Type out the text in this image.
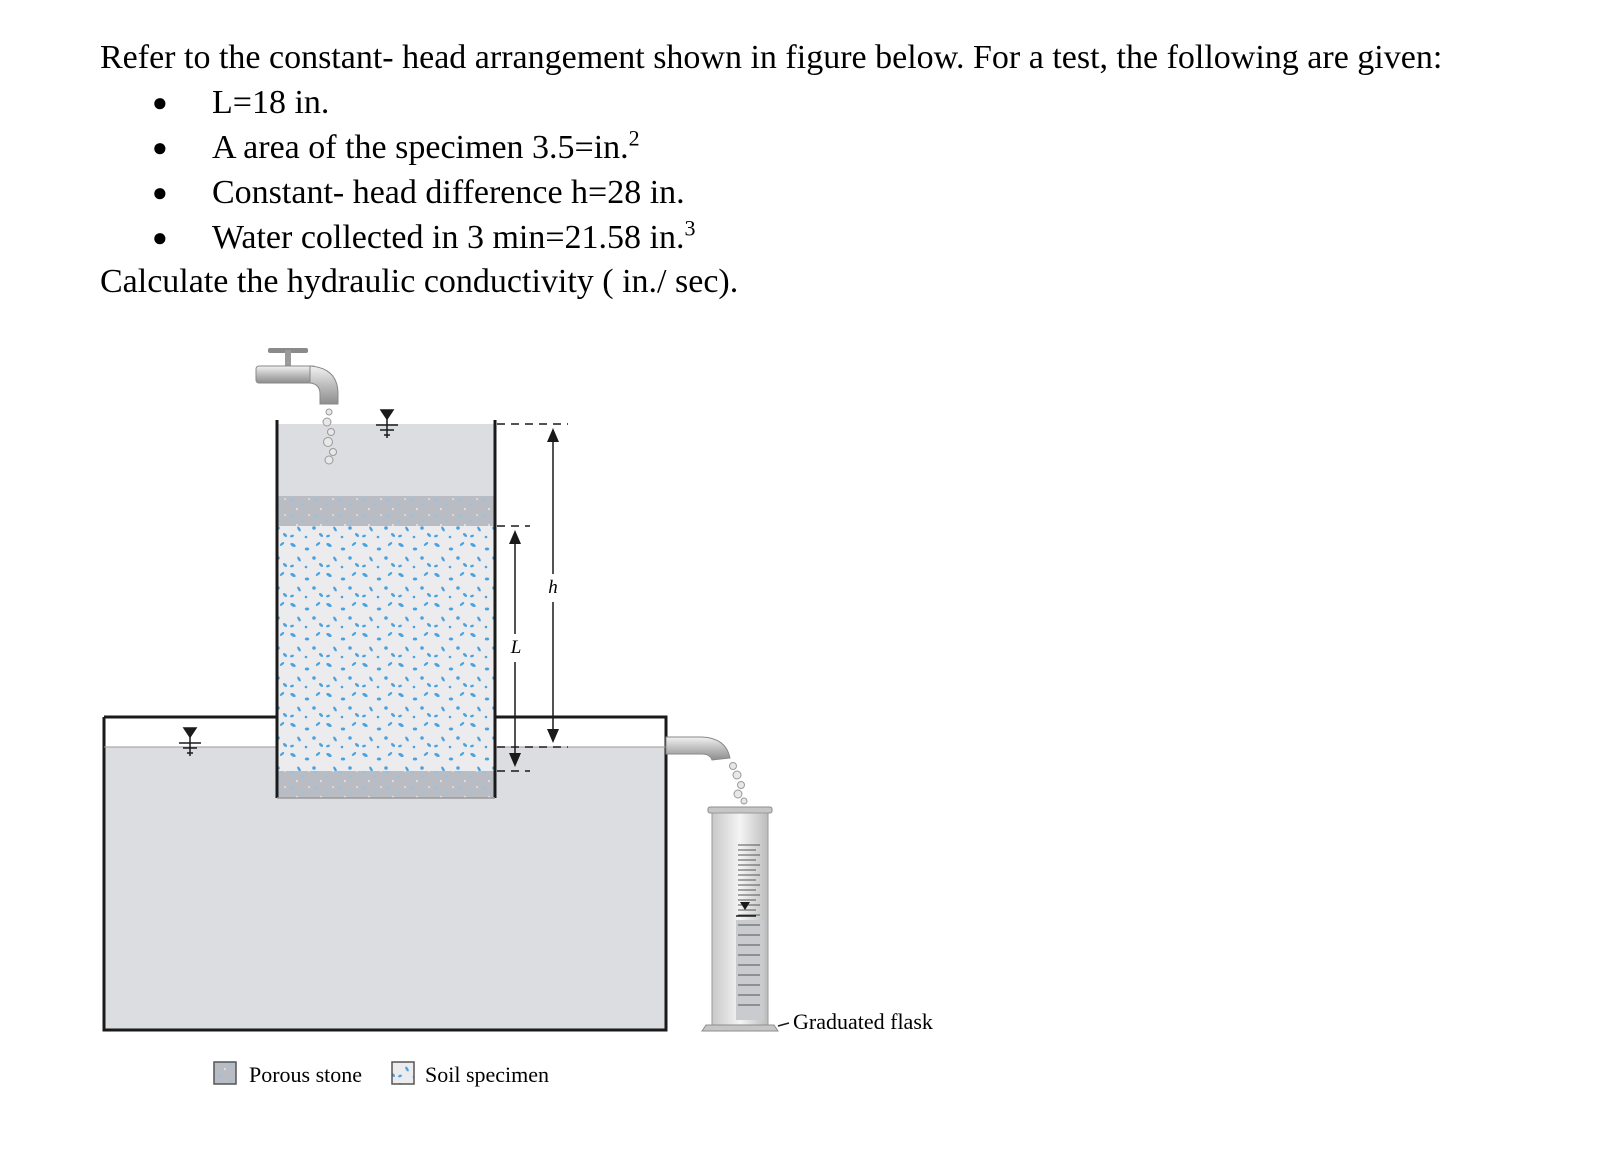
Refer to the constant- head arrangement shown in figure below. For a test, the following are given:

● L=18 in.
● A area of the specimen 3.5=in.$^2$
● Constant- head difference h=28 in.
● Water collected in 3 min=21.58 in.$^3$

Calculate the hydraulic conductivity ( in./ sec).

h
L
Graduated flask
Porous stone	Soil specimen
